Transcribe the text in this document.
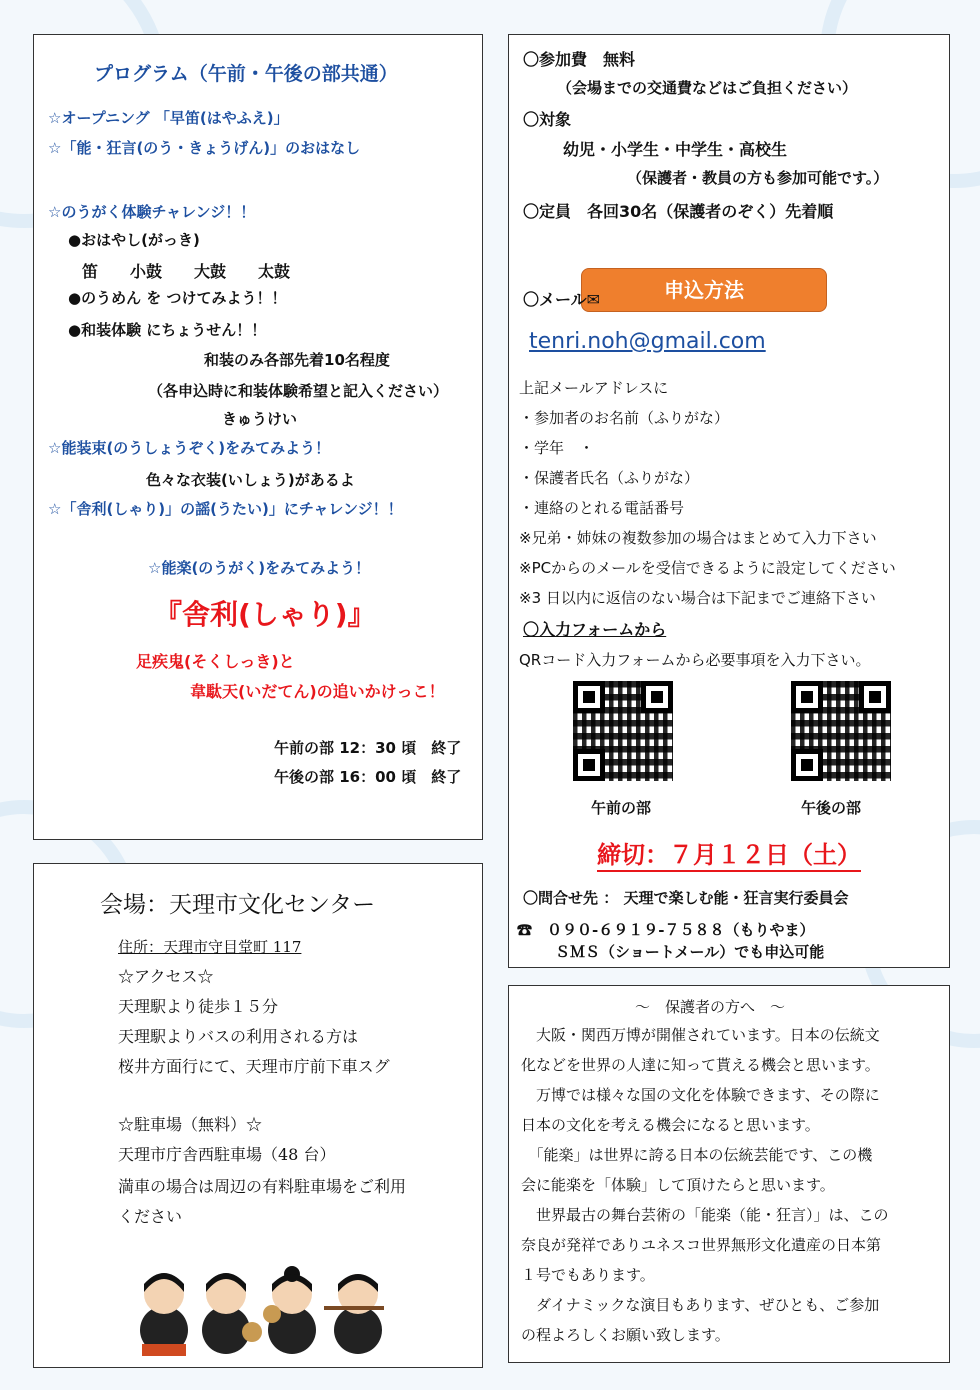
プログラム（午前・午後の部共通）
☆オープニング 「早笛(はやふえ)」
☆「能・狂言(のう・きょうげん)」のおはなし
☆のうがく体験チャレンジ！！
●おはやし(がっき)
笛　　小鼓　　大鼓　　太鼓
●のうめん を つけてみよう！！
●和装体験 にちょうせん！！
和装のみ各部先着10名程度
（各申込時に和装体験希望と記入ください）
きゅうけい
☆能装束(のうしょうぞく)をみてみよう！
色々な衣装(いしょう)があるよ
☆「舎利(しゃり)」の謡(うたい)」にチャレンジ！！
☆能楽(のうがく)をみてみよう！
『舎利(しゃり)』
足疾鬼(そくしっき)と
韋駄天(いだてん)の追いかけっこ！
午前の部 12：30 頃　終了
午後の部 16：00 頃　終了
〇参加費　無料
（会場までの交通費などはご負担ください）
〇対象
幼児・小学生・中学生・高校生
（保護者・教員の方も参加可能です。）
〇定員　各回30名（保護者のぞく）先着順
申込方法
〇メール✉
tenri.noh@gmail.com
上記メールアドレスに
・参加者のお名前（ふりがな）
・学年　・
・保護者氏名（ふりがな）
・連絡のとれる電話番号
※兄弟・姉妹の複数参加の場合はまとめて入力下さい
※PCからのメールを受信できるように設定してください
※3 日以内に返信のない場合は下記までご連絡下さい
〇入力フォームから
QRコード入力フォームから必要事項を入力下さい。
午前の部	午後の部
締切：７月１２日（土）
〇問合せ先 ： 天理で楽しむ能・狂言実行委員会
☎　０９０-６９１９-７５８８（もりやま）
ＳＭＳ（ショートメール）でも申込可能
会場：天理市文化センター
住所：天理市守目堂町 117
☆アクセス☆
天理駅より徒歩１５分
天理駅よりバスの利用される方は
桜井方面行にて、天理市庁前下車スグ
☆駐車場（無料）☆
天理市庁舎西駐車場（48 台）
満車の場合は周辺の有料駐車場をご利用
ください
～　保護者の方へ　～
　大阪・関西万博が開催されています。日本の伝統文
化などを世界の人達に知って貰える機会と思います。
　万博では様々な国の文化を体験できます、その際に
日本の文化を考える機会になると思います。
　「能楽」は世界に誇る日本の伝統芸能です、この機
会に能楽を「体験」して頂けたらと思います。
　世界最古の舞台芸術の「能楽（能・狂言）」は、この
奈良が発祥でありユネスコ世界無形文化遺産の日本第
１号でもあります。
　ダイナミックな演目もあります、ぜひとも、ご参加
の程よろしくお願い致します。
